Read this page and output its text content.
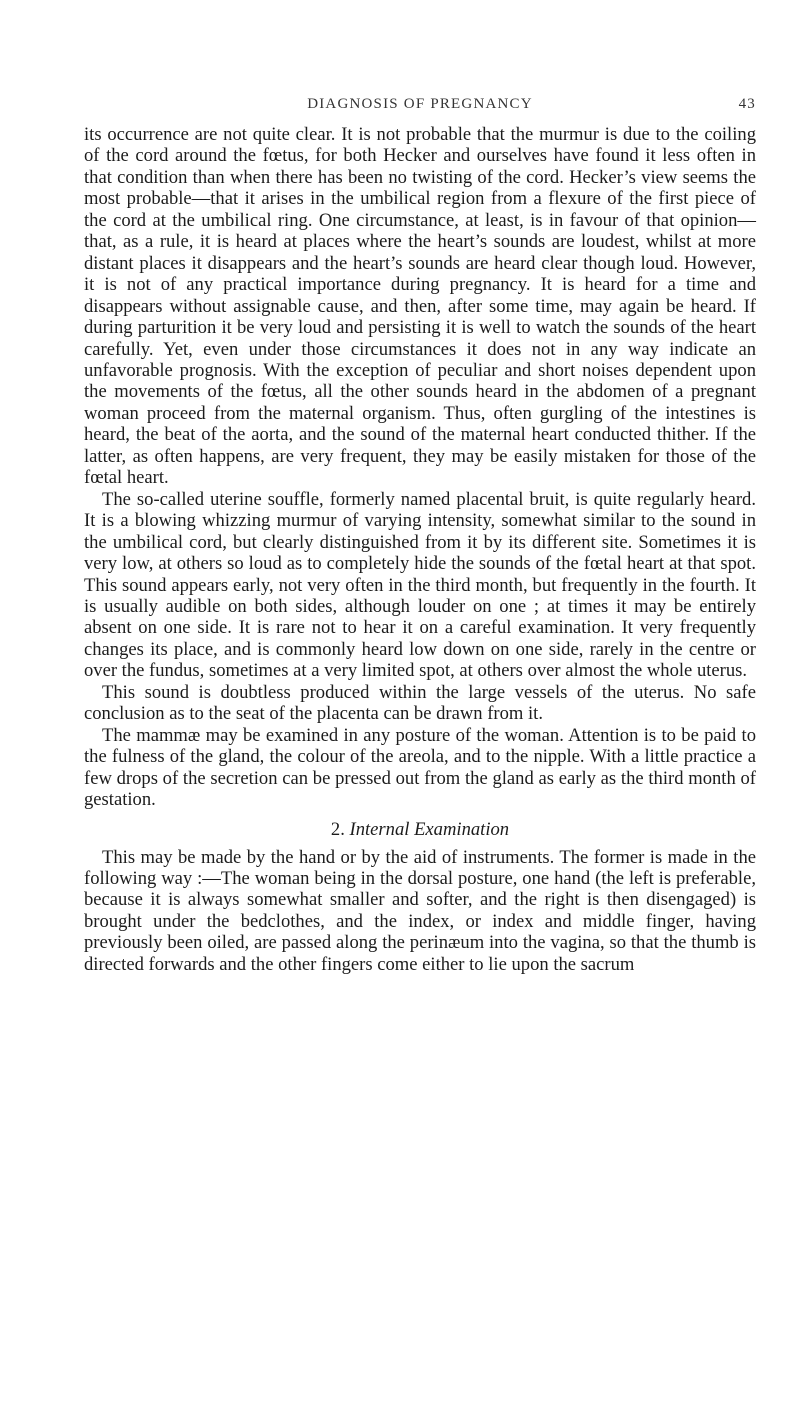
DIAGNOSIS OF PREGNANCY	43

its occurrence are not quite clear. It is not probable that the murmur is due to the coiling of the cord around the fœtus, for both Hecker and ourselves have found it less often in that condition than when there has been no twisting of the cord. Hecker’s view seems the most probable—that it arises in the umbilical region from a flexure of the first piece of the cord at the umbilical ring. One circumstance, at least, is in favour of that opinion—that, as a rule, it is heard at places where the heart’s sounds are loudest, whilst at more distant places it disappears and the heart’s sounds are heard clear though loud. However, it is not of any practical importance during pregnancy. It is heard for a time and disappears without assignable cause, and then, after some time, may again be heard. If during parturition it be very loud and persisting it is well to watch the sounds of the heart carefully. Yet, even under those circumstances it does not in any way indicate an unfavorable prognosis. With the exception of peculiar and short noises dependent upon the movements of the fœtus, all the other sounds heard in the abdomen of a pregnant woman proceed from the maternal organism. Thus, often gurgling of the intestines is heard, the beat of the aorta, and the sound of the maternal heart conducted thither. If the latter, as often happens, are very frequent, they may be easily mistaken for those of the fœtal heart.

The so-called uterine souffle, formerly named placental bruit, is quite regularly heard. It is a blowing whizzing murmur of varying intensity, somewhat similar to the sound in the umbilical cord, but clearly distinguished from it by its different site. Sometimes it is very low, at others so loud as to completely hide the sounds of the fœtal heart at that spot. This sound appears early, not very often in the third month, but frequently in the fourth. It is usually audible on both sides, although louder on one ; at times it may be entirely absent on one side. It is rare not to hear it on a careful examination. It very frequently changes its place, and is commonly heard low down on one side, rarely in the centre or over the fundus, sometimes at a very limited spot, at others over almost the whole uterus.

This sound is doubtless produced within the large vessels of the uterus. No safe conclusion as to the seat of the placenta can be drawn from it.

The mammæ may be examined in any posture of the woman. Attention is to be paid to the fulness of the gland, the colour of the areola, and to the nipple. With a little practice a few drops of the secretion can be pressed out from the gland as early as the third month of gestation.

2. Internal Examination

This may be made by the hand or by the aid of instruments. The former is made in the following way :—The woman being in the dorsal posture, one hand (the left is preferable, because it is always somewhat smaller and softer, and the right is then disengaged) is brought under the bedclothes, and the index, or index and middle finger, having previously been oiled, are passed along the perinæum into the vagina, so that the thumb is directed forwards and the other fingers come either to lie upon the sacrum
